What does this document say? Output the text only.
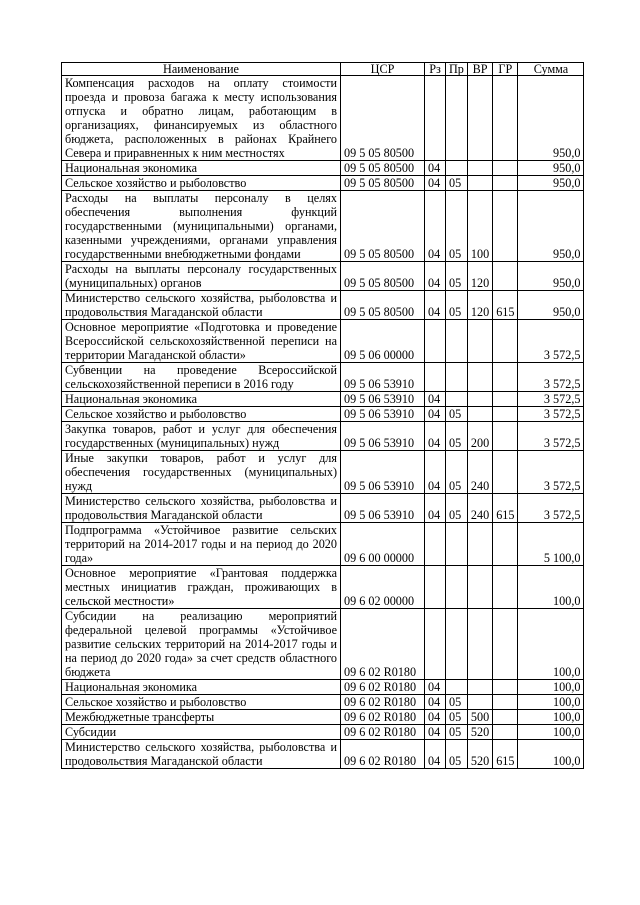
Наименование	ЦСР	Рз	Пр	ВР	ГР	Сумма
Компенсация расходов на оплату стоимости проезда и провоза багажа к месту использования отпуска и обратно лицам, работающим в организациях, финансируемых из областного бюджета, расположенных в районах Крайнего Севера и приравненных к ним местностях	09 5 05 80500					950,0
Национальная экономика	09 5 05 80500	04				950,0
Сельское хозяйство и рыболовство	09 5 05 80500	04	05			950,0
Расходы на выплаты персоналу в целях обеспечения выполнения функций государственными (муниципальными) органами, казенными учреждениями, органами управления государственными внебюджетными фондами	09 5 05 80500	04	05	100		950,0
Расходы на выплаты персоналу государственных (муниципальных) органов	09 5 05 80500	04	05	120		950,0
Министерство сельского хозяйства, рыболовства и продовольствия Магаданской области	09 5 05 80500	04	05	120	615	950,0
Основное мероприятие «Подготовка и проведение Всероссийской сельскохозяйственной переписи на территории Магаданской области»	09 5 06 00000					3 572,5
Субвенции на проведение Всероссийской сельскохозяйственной переписи в 2016 году	09 5 06 53910					3 572,5
Национальная экономика	09 5 06 53910	04				3 572,5
Сельское хозяйство и рыболовство	09 5 06 53910	04	05			3 572,5
Закупка товаров, работ и услуг для обеспечения государственных (муниципальных) нужд	09 5 06 53910	04	05	200		3 572,5
Иные закупки товаров, работ и услуг для обеспечения государственных (муниципальных) нужд	09 5 06 53910	04	05	240		3 572,5
Министерство сельского хозяйства, рыболовства и продовольствия Магаданской области	09 5 06 53910	04	05	240	615	3 572,5
Подпрограмма «Устойчивое развитие сельских территорий на 2014-2017 годы и на период до 2020 года»	09 6 00 00000					5 100,0
Основное мероприятие «Грантовая поддержка местных инициатив граждан, проживающих в сельской местности»	09 6 02 00000					100,0
Субсидии на реализацию мероприятий федеральной целевой программы «Устойчивое развитие сельских территорий на 2014-2017 годы и на период до 2020 года» за счет средств областного бюджета	09 6 02 R0180					100,0
Национальная экономика	09 6 02 R0180	04				100,0
Сельское хозяйство и рыболовство	09 6 02 R0180	04	05			100,0
Межбюджетные трансферты	09 6 02 R0180	04	05	500		100,0
Субсидии	09 6 02 R0180	04	05	520		100,0
Министерство сельского хозяйства, рыболовства и продовольствия Магаданской области	09 6 02 R0180	04	05	520	615	100,0
